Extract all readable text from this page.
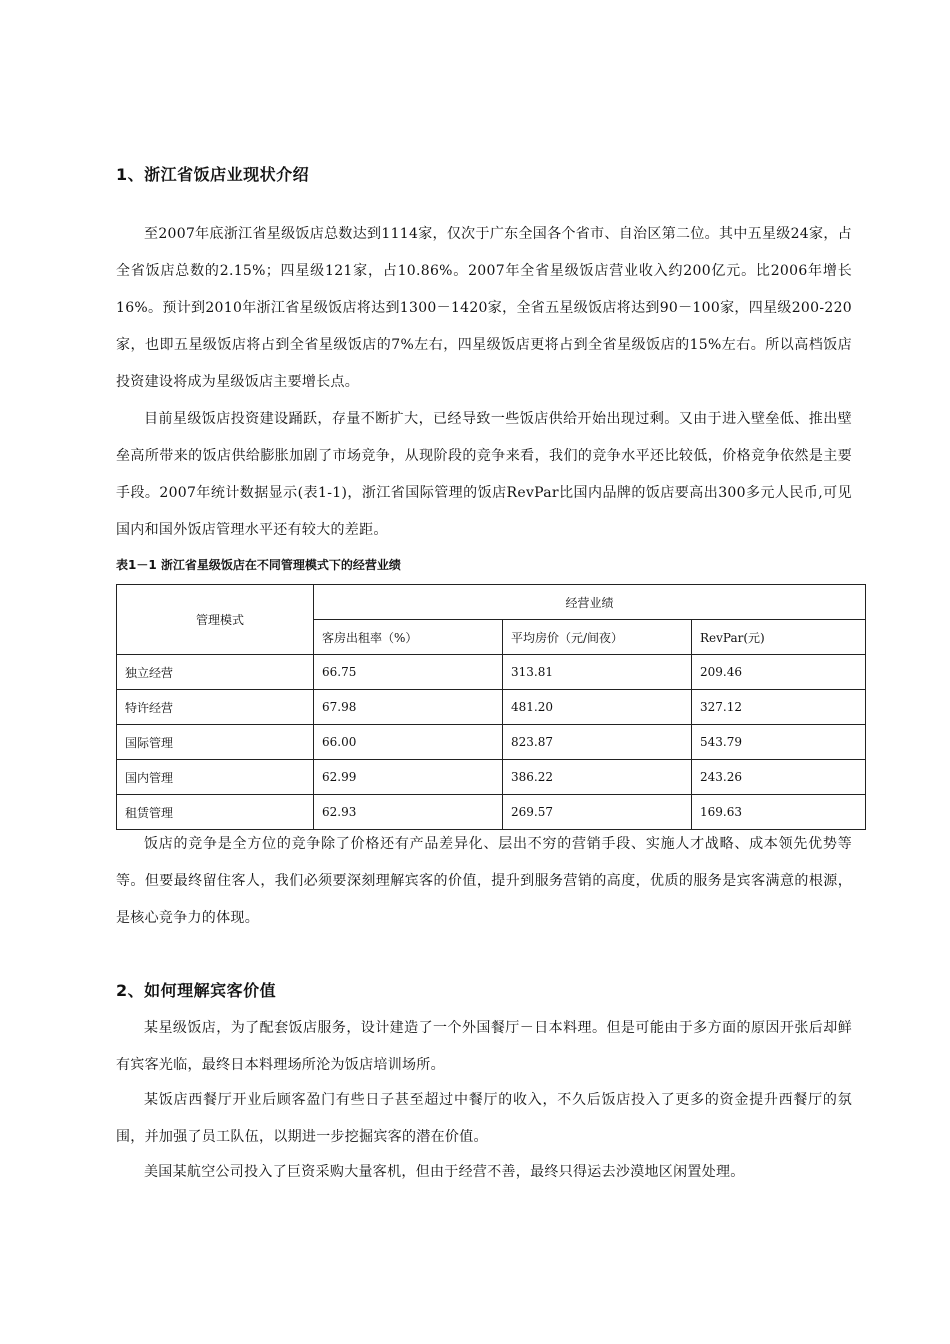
1、浙江省饭店业现状介绍
至2007年底浙江省星级饭店总数达到1114家，仅次于广东全国各个省市、自治区第二位。其中五星级24家，占全省饭店总数的2.15%；四星级121家，占10.86%。2007年全省星级饭店营业收入约200亿元。比2006年增长16%。预计到2010年浙江省星级饭店将达到1300－1420家，全省五星级饭店将达到90－100家，四星级200-220家，也即五星级饭店将占到全省星级饭店的7%左右，四星级饭店更将占到全省星级饭店的15%左右。所以高档饭店投资建设将成为星级饭店主要增长点。
目前星级饭店投资建设踊跃，存量不断扩大，已经导致一些饭店供给开始出现过剩。又由于进入壁垒低、推出壁垒高所带来的饭店供给膨胀加剧了市场竞争，从现阶段的竞争来看，我们的竞争水平还比较低，价格竞争依然是主要手段。2007年统计数据显示(表1-1)，浙江省国际管理的饭店RevPar比国内品牌的饭店要高出300多元人民币,可见国内和国外饭店管理水平还有较大的差距。
表1－1 浙江省星级饭店在不同管理模式下的经营业绩
管理模式	经营业绩		
	客房出租率（%）	平均房价（元/间夜）	RevPar(元)
独立经营	66.75	313.81	209.46
特许经营	67.98	481.20	327.12
国际管理	66.00	823.87	543.79
国内管理	62.99	386.22	243.26
租赁管理	62.93	269.57	169.63
饭店的竞争是全方位的竞争除了价格还有产品差异化、层出不穷的营销手段、实施人才战略、成本领先优势等等。但要最终留住客人，我们必须要深刻理解宾客的价值，提升到服务营销的高度，优质的服务是宾客满意的根源，是核心竞争力的体现。
2、如何理解宾客价值
某星级饭店，为了配套饭店服务，设计建造了一个外国餐厅－日本料理。但是可能由于多方面的原因开张后却鲜有宾客光临，最终日本料理场所沦为饭店培训场所。
某饭店西餐厅开业后顾客盈门有些日子甚至超过中餐厅的收入，不久后饭店投入了更多的资金提升西餐厅的氛围，并加强了员工队伍，以期进一步挖掘宾客的潜在价值。
美国某航空公司投入了巨资采购大量客机，但由于经营不善，最终只得运去沙漠地区闲置处理。
